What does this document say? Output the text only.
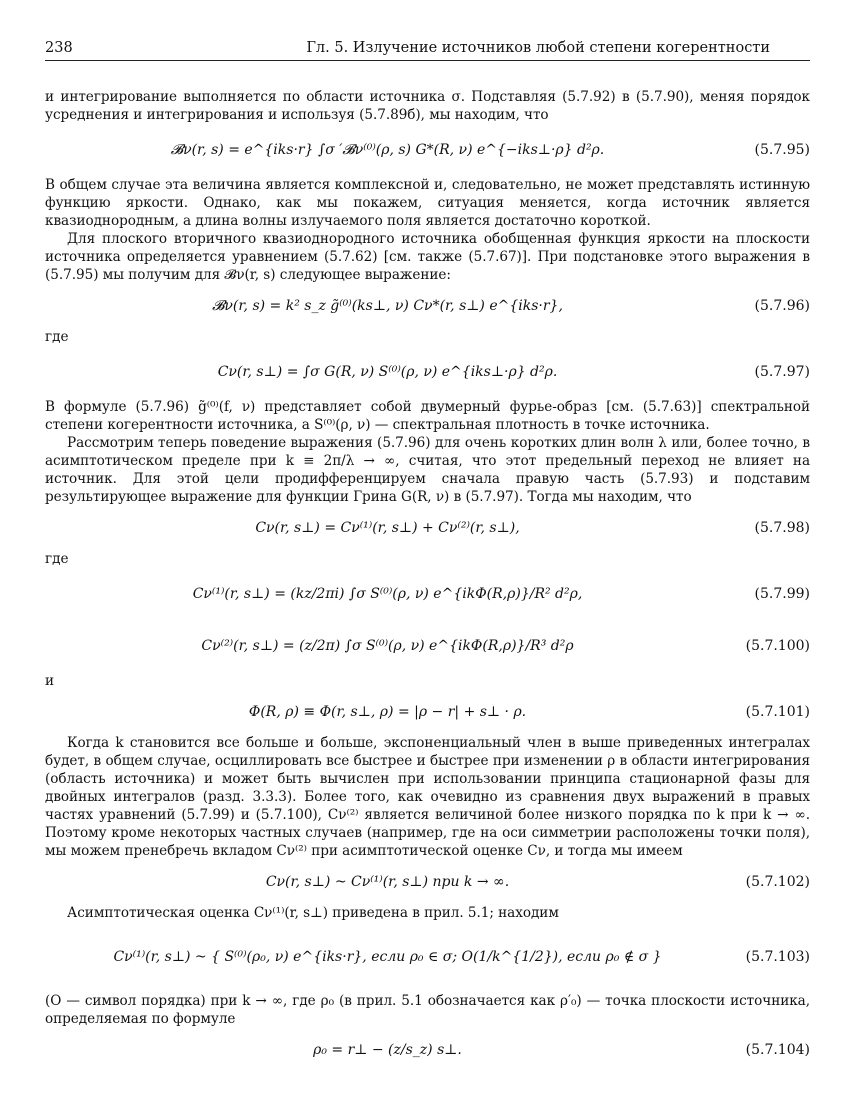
238	Гл. 5. Излучение источников любой степени когерентности

и интегрирование выполняется по области источника σ. Подставляя (5.7.92) в (5.7.90), меняя порядок усреднения и интегрирования и используя (5.7.89б), мы находим, что

𝓑ν(r, s) = e^{iks·r} ∫σ ′𝓑ν⁽⁰⁾(ρ, s) G*(R, ν) e^{−iks⊥·ρ} d²ρ.	(5.7.95)

В общем случае эта величина является комплексной и, следовательно, не может представлять истинную функцию яркости. Однако, как мы покажем, ситуация меняется, когда источник является квазиоднородным, а длина волны излучаемого поля является достаточно короткой.

Для плоского вторичного квазиоднородного источника обобщенная функция яркости на плоскости источника определяется уравнением (5.7.62) [см. также (5.7.67)]. При подстановке этого выражения в (5.7.95) мы получим для 𝓑ν(r, s) следующее выражение:

𝓑ν(r, s) = k² s_z g̃⁽⁰⁾(ks⊥, ν) Cν*(r, s⊥) e^{iks·r},	(5.7.96)

где

Cν(r, s⊥) = ∫σ G(R, ν) S⁽⁰⁾(ρ, ν) e^{iks⊥·ρ} d²ρ.	(5.7.97)

В формуле (5.7.96) g̃⁽⁰⁾(f, ν) представляет собой двумерный фурье-образ [см. (5.7.63)] спектральной степени когерентности источника, а S⁽⁰⁾(ρ, ν) — спектральная плотность в точке источника.

Рассмотрим теперь поведение выражения (5.7.96) для очень коротких длин волн λ или, более точно, в асимптотическом пределе при k ≡ 2π/λ → ∞, считая, что этот предельный переход не влияет на источник. Для этой цели продифференцируем сначала правую часть (5.7.93) и подставим результирующее выражение для функции Грина G(R, ν) в (5.7.97). Тогда мы находим, что

Cν(r, s⊥) = Cν⁽¹⁾(r, s⊥) + Cν⁽²⁾(r, s⊥),	(5.7.98)

где

Cν⁽¹⁾(r, s⊥) = (kz/2πi) ∫σ S⁽⁰⁾(ρ, ν) e^{ikΦ(R,ρ)}/R² d²ρ,	(5.7.99)
Cν⁽²⁾(r, s⊥) = (z/2π) ∫σ S⁽⁰⁾(ρ, ν) e^{ikΦ(R,ρ)}/R³ d²ρ	(5.7.100)

и

Φ(R, ρ) ≡ Φ(r, s⊥, ρ) = |ρ − r| + s⊥ · ρ.	(5.7.101)

Когда k становится все больше и больше, экспоненциальный член в выше приведенных интегралах будет, в общем случае, осциллировать все быстрее и быстрее при изменении ρ в области интегрирования (область источника) и может быть вычислен при использовании принципа стационарной фазы для двойных интегралов (разд. 3.3.3). Более того, как очевидно из сравнения двух выражений в правых частях уравнений (5.7.99) и (5.7.100), Cν⁽²⁾ является величиной более низкого порядка по k при k → ∞. Поэтому кроме некоторых частных случаев (например, где на оси симметрии расположены точки поля), мы можем пренебречь вкладом Cν⁽²⁾ при асимптотической оценке Cν, и тогда мы имеем

Cν(r, s⊥) ~ Cν⁽¹⁾(r, s⊥) при k → ∞.	(5.7.102)

Асимптотическая оценка Cν⁽¹⁾(r, s⊥) приведена в прил. 5.1; находим

Cν⁽¹⁾(r, s⊥) ~ { S⁽⁰⁾(ρ₀, ν) e^{iks·r}, если ρ₀ ∈ σ; O(1/k^{1/2}), если ρ₀ ∉ σ }	(5.7.103)

(O — символ порядка) при k → ∞, где ρ₀ (в прил. 5.1 обозначается как ρ′₀) — точка плоскости источника, определяемая по формуле

ρ₀ = r⊥ − (z/s_z) s⊥.	(5.7.104)
